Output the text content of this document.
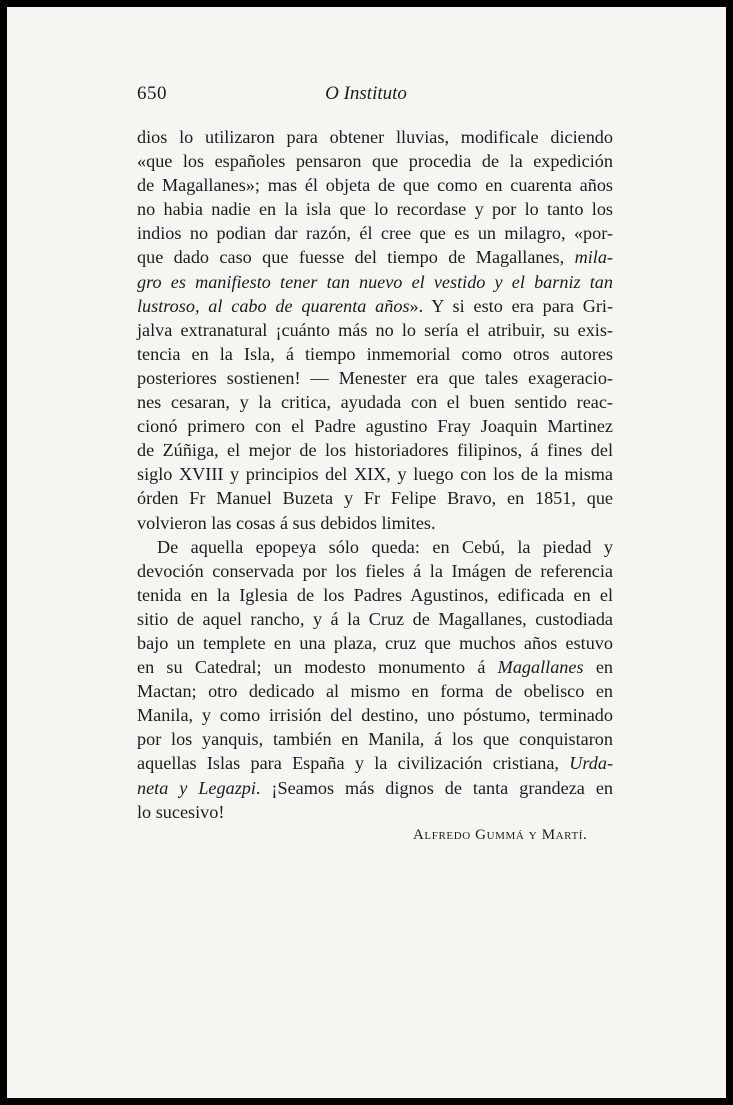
650	O Instituto
dios lo utilizaron para obtener lluvias, modificale diciendo
«que los españoles pensaron que procedia de la expedición
de Magallanes»; mas él objeta de que como en cuarenta años
no habia nadie en la isla que lo recordase y por lo tanto los
indios no podian dar razón, él cree que es un milagro, «por-
que dado caso que fuesse del tiempo de Magallanes, mila-
gro es manifiesto tener tan nuevo el vestido y el barniz tan
lustroso, al cabo de quarenta años». Y si esto era para Gri-
jalva extranatural ¡cuánto más no lo sería el atribuir, su exis-
tencia en la Isla, á tiempo inmemorial como otros autores
posteriores sostienen! — Menester era que tales exageracio-
nes cesaran, y la critica, ayudada con el buen sentido reac-
cionó primero con el Padre agustino Fray Joaquin Martinez
de Zúñiga, el mejor de los historiadores filipinos, á fines del
siglo XVIII y principios del XIX, y luego con los de la misma
órden Fr Manuel Buzeta y Fr Felipe Bravo, en 1851, que
volvieron las cosas á sus debidos limites.
De aquella epopeya sólo queda: en Cebú, la piedad y
devoción conservada por los fieles á la Imágen de referencia
tenida en la Iglesia de los Padres Agustinos, edificada en el
sitio de aquel rancho, y á la Cruz de Magallanes, custodiada
bajo un templete en una plaza, cruz que muchos años estuvo
en su Catedral; un modesto monumento á Magallanes en
Mactan; otro dedicado al mismo en forma de obelisco en
Manila, y como irrisión del destino, uno póstumo, terminado
por los yanquis, también en Manila, á los que conquistaron
aquellas Islas para España y la civilización cristiana, Urda-
neta y Legazpi. ¡Seamos más dignos de tanta grandeza en
lo sucesivo!
Alfredo Gummá y Martí.
